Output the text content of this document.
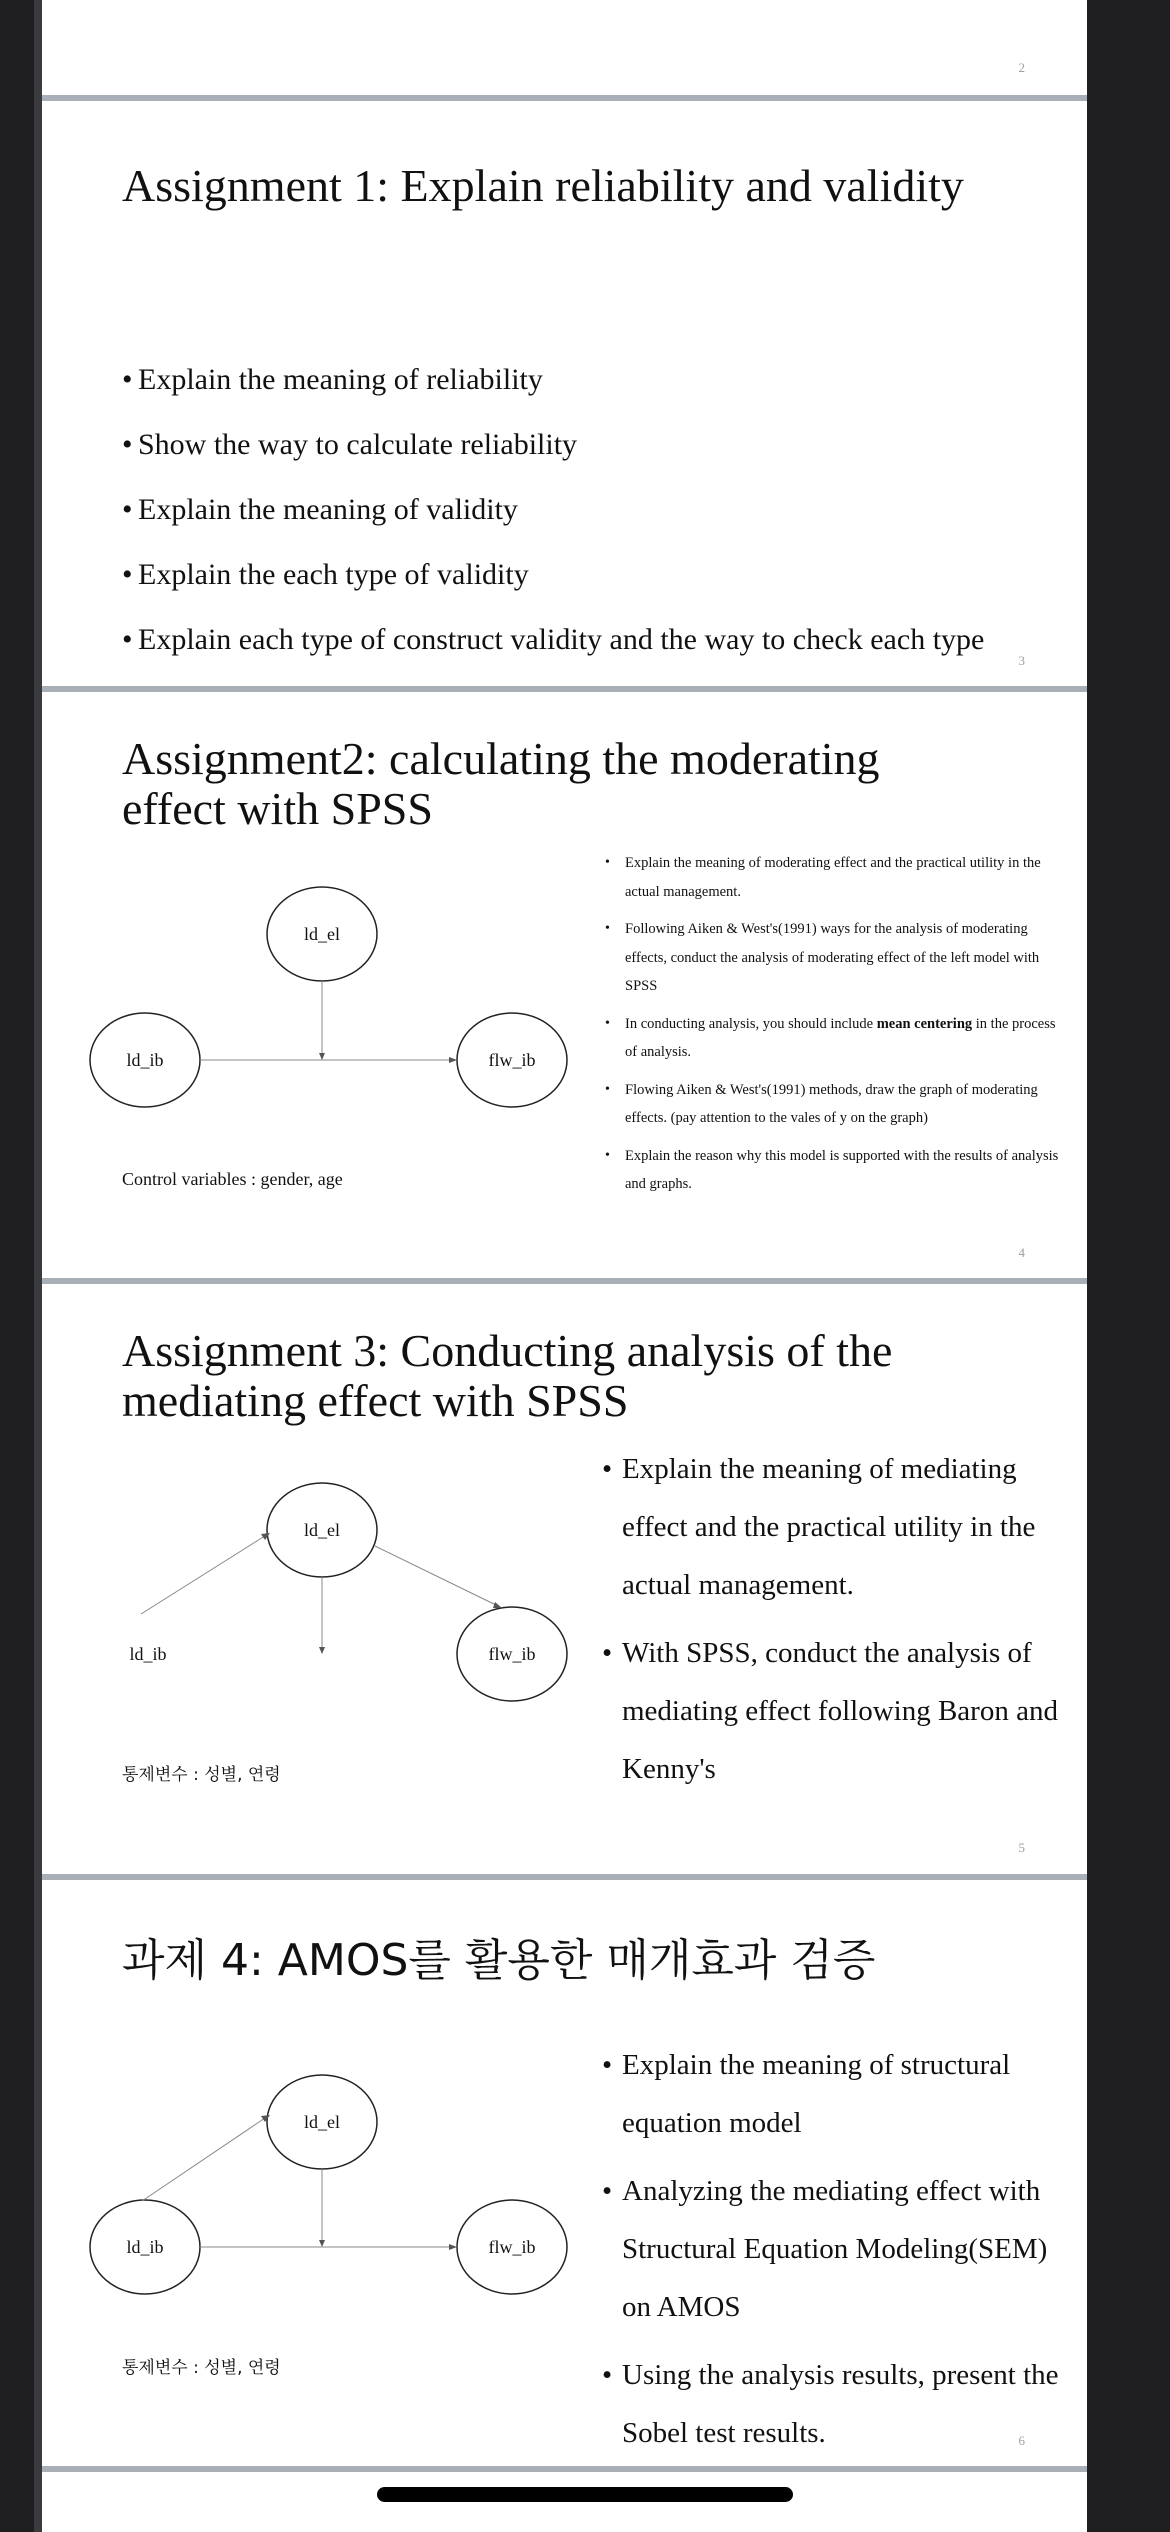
2
Assignment 1: Explain reliability and validity
• Explain the meaning of reliability
• Show the way to calculate reliability
• Explain the meaning of validity
• Explain the each type of validity
• Explain each type of construct validity and the way to check each type
3
Assignment2: calculating the moderating
effect with SPSS
ld_el
ld_ib	flw_ib
Control variables : gender, age
• Explain the meaning of moderating effect and the practical utility in the actual management.
• Following Aiken & West's(1991) ways for the analysis of moderating effects, conduct the analysis of moderating effect of the left model with SPSS
• In conducting analysis, you should include mean centering in the process of analysis.
• Flowing Aiken & West's(1991) methods, draw the graph of moderating effects. (pay attention to the vales of y on the graph)
• Explain the reason why this model is supported with the results of analysis and graphs.
4
Assignment 3: Conducting analysis of the
mediating effect with SPSS
ld_el
ld_ib	flw_ib
통제변수 : 성별, 연령
• Explain the meaning of mediating effect and the practical utility in the actual management.
• With SPSS, conduct the analysis of mediating effect following Baron and Kenny's
5
과제 4: AMOS를 활용한 매개효과 검증
ld_el
ld_ib	flw_ib
통제변수 : 성별, 연령
• Explain the meaning of structural equation model
• Analyzing the mediating effect with Structural Equation Modeling(SEM) on AMOS
• Using the analysis results, present the Sobel test results.	6
